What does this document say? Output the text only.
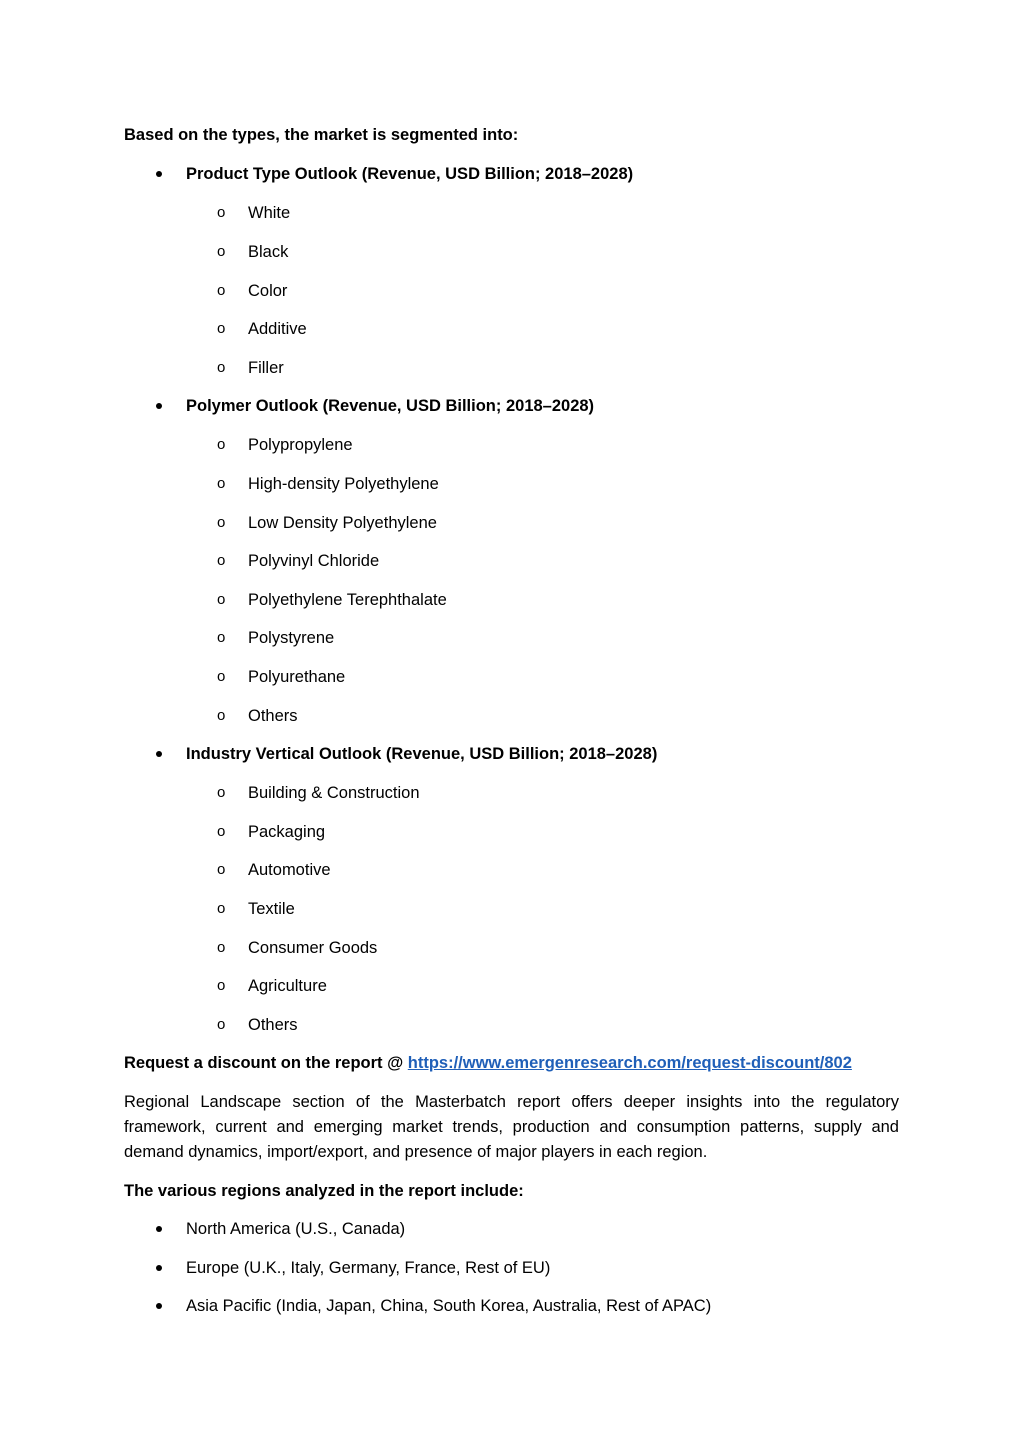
Based on the types, the market is segmented into:
Product Type Outlook (Revenue, USD Billion; 2018–2028)
o White
o Black
o Color
o Additive
o Filler
Polymer Outlook (Revenue, USD Billion; 2018–2028)
o Polypropylene
o High-density Polyethylene
o Low Density Polyethylene
o Polyvinyl Chloride
o Polyethylene Terephthalate
o Polystyrene
o Polyurethane
o Others
Industry Vertical Outlook (Revenue, USD Billion; 2018–2028)
o Building & Construction
o Packaging
o Automotive
o Textile
o Consumer Goods
o Agriculture
o Others
Request a discount on the report @ https://www.emergenresearch.com/request-discount/802
Regional Landscape section of the Masterbatch report offers deeper insights into the regulatory framework, current and emerging market trends, production and consumption patterns, supply and demand dynamics, import/export, and presence of major players in each region.
The various regions analyzed in the report include:
North America (U.S., Canada)
Europe (U.K., Italy, Germany, France, Rest of EU)
Asia Pacific (India, Japan, China, South Korea, Australia, Rest of APAC)
